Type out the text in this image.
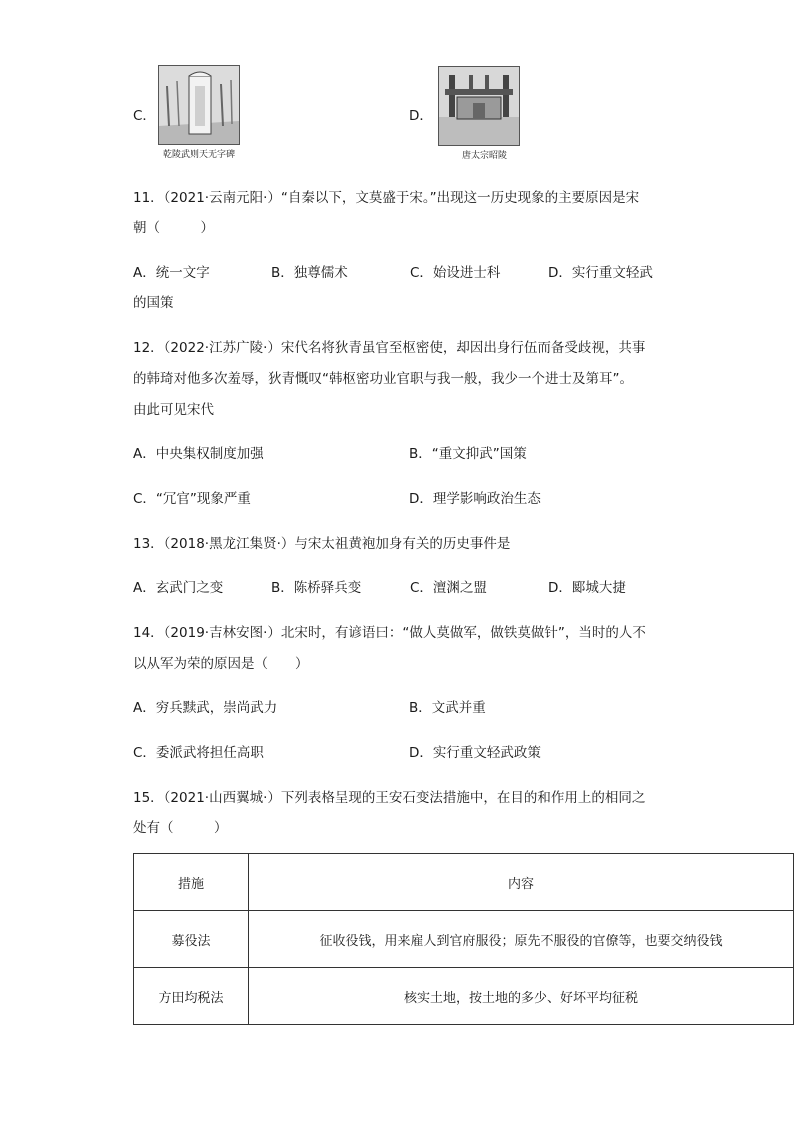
C．
乾陵武则天无字碑
D．
唐太宗昭陵
11．（2021·云南元阳·）“自秦以下，文莫盛于宋。”出现这一历史现象的主要原因是宋
朝（　　　）
A．统一文字	B．独尊儒术	C．始设进士科	D．实行重文轻武
的国策
12．（2022·江苏广陵·）宋代名将狄青虽官至枢密使，却因出身行伍而备受歧视，共事
的韩琦对他多次羞辱，狄青慨叹“韩枢密功业官职与我一般，我少一个进士及第耳”。
由此可见宋代
A．中央集权制度加强	B．“重文抑武”国策
C．“冗官”现象严重	D．理学影响政治生态
13．（2018·黑龙江集贤·）与宋太祖黄袍加身有关的历史事件是
A．玄武门之变	B．陈桥驿兵变	C．澶渊之盟	D．郾城大捷
14．（2019·吉林安图·）北宋时，有谚语曰：“做人莫做军，做铁莫做针”，当时的人不
以从军为荣的原因是（　　）
A．穷兵黩武，崇尚武力	B．文武并重
C．委派武将担任高职	D．实行重文轻武政策
15．（2021·山西翼城·）下列表格呈现的王安石变法措施中，在目的和作用上的相同之
处有（　　　）
措施	内容
募役法	征收役钱，用来雇人到官府服役；原先不服役的官僚等，也要交纳役钱
方田均税法	核实土地，按土地的多少、好坏平均征税
